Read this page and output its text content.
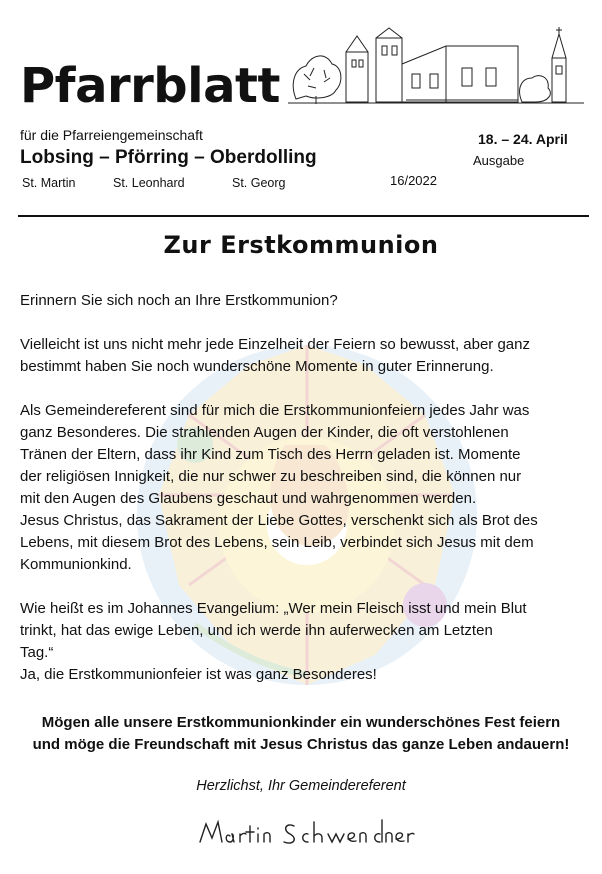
Pfarrblatt
für die Pfarreiengemeinschaft
Lobsing – Pförring – Oberdolling
St. Martin	St. Leonhard	St. Georg	16/2022
18. – 24. April
Ausgabe
Zur Erstkommunion

Erinnern Sie sich noch an Ihre Erstkommunion?

Vielleicht ist uns nicht mehr jede Einzelheit der Feiern so bewusst, aber ganz
bestimmt haben Sie noch wunderschöne Momente in guter Erinnerung.

Als Gemeindereferent sind für mich die Erstkommunionfeiern jedes Jahr was
ganz Besonderes. Die strahlenden Augen der Kinder, die oft verstohlenen
Tränen der Eltern, dass ihr Kind zum Tisch des Herrn geladen ist. Momente
der religiösen Innigkeit, die nur schwer zu beschreiben sind, die können nur
mit den Augen des Glaubens geschaut und wahrgenommen werden.
Jesus Christus, das Sakrament der Liebe Gottes, verschenkt sich als Brot des
Lebens, mit diesem Brot des Lebens, sein Leib, verbindet sich Jesus mit dem
Kommunionkind.

Wie heißt es im Johannes Evangelium: „Wer mein Fleisch isst und mein Blut
trinkt, hat das ewige Leben, und ich werde ihn auferwecken am Letzten
Tag.“
Ja, die Erstkommunionfeier ist was ganz Besonderes!

Mögen alle unsere Erstkommunionkinder ein wunderschönes Fest feiern
und möge die Freundschaft mit Jesus Christus das ganze Leben andauern!

Herzlichst, Ihr Gemeindereferent
